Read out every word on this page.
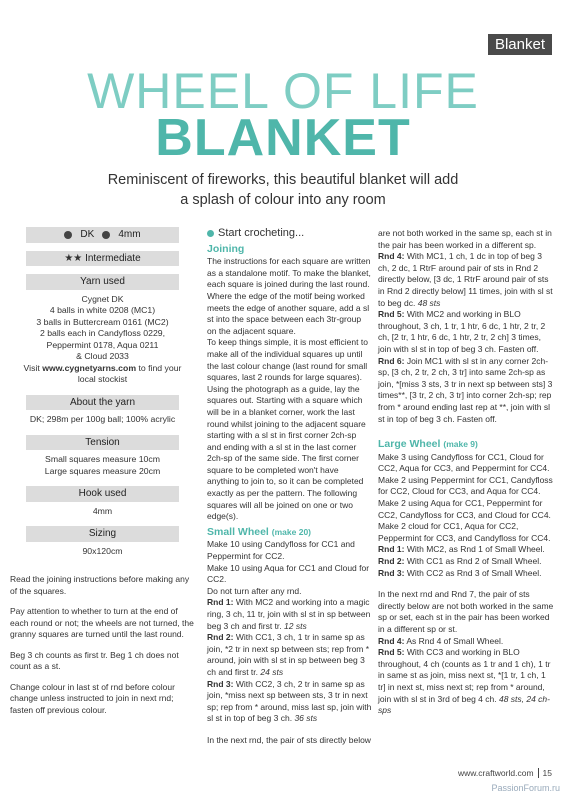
Blanket
WHEEL OF LIFE
BLANKET
Reminiscent of fireworks, this beautiful blanket will add
a splash of colour into any room
DK 4mm
★★ Intermediate
Yarn used
Cygnet DK
4 balls in white 0208 (MC1)
3 balls in Buttercream 0161 (MC2)
2 balls each in Candyfloss 0229,
Peppermint 0178, Aqua 0211
& Cloud 2033
Visit www.cygnetyarns.com to find your
local stockist
About the yarn
DK; 298m per 100g ball; 100% acrylic
Tension
Small squares measure 10cm
Large squares measure 20cm
Hook used
4mm
Sizing
90x120cm

Read the joining instructions before making any of the squares.

Pay attention to whether to turn at the end of each round or not; the wheels are not turned, the granny squares are turned until the last round.

Beg 3 ch counts as first tr. Beg 1 ch does not count as a st.

Change colour in last st of rnd before colour change unless instructed to join in next rnd; fasten off previous colour.

Start crocheting...
Joining

The instructions for each square are written as a standalone motif. To make the blanket, each square is joined during the last round. Where the edge of the motif being worked meets the edge of another square, add a sl st into the space between each 3tr-group on the adjacent square.

To keep things simple, it is most efficient to make all of the individual squares up until the last colour change (last round for small squares, last 2 rounds for large squares). Using the photograph as a guide, lay the squares out. Starting with a square which will be in a blanket corner, work the last round whilst joining to the adjacent square starting with a sl st in first corner 2ch-sp and ending with a sl st in the last corner 2ch-sp of the same side. The first corner square to be completed won't have anything to join to, so it can be completed exactly as per the pattern. The following squares will all be joined on one or two edge(s).

Small Wheel (make 20)

Make 10 using Candyfloss for CC1 and Peppermint for CC2.

Make 10 using Aqua for CC1 and Cloud for CC2.

Do not turn after any rnd.

Rnd 1: With MC2 and working into a magic ring, 3 ch, 11 tr, join with sl st in sp between beg 3 ch and first tr. 12 sts

Rnd 2: With CC1, 3 ch, 1 tr in same sp as join, *2 tr in next sp between sts; rep from * around, join with sl st in sp between beg 3 ch and first tr. 24 sts

Rnd 3: With CC2, 3 ch, 2 tr in same sp as join, *miss next sp between sts, 3 tr in next sp; rep from * around, miss last sp, join with sl st in top of beg 3 ch. 36 sts

In the next rnd, the pair of sts directly below

are not both worked in the same sp, each st in the pair has been worked in a different sp.

Rnd 4: With MC1, 1 ch, 1 dc in top of beg 3 ch, 2 dc, 1 RtrF around pair of sts in Rnd 2 directly below, [3 dc, 1 RtrF around pair of sts in Rnd 2 directly below] 11 times, join with sl st to beg dc. 48 sts

Rnd 5: With MC2 and working in BLO throughout, 3 ch, 1 tr, 1 htr, 6 dc, 1 htr, 2 tr, 2 ch, [2 tr, 1 htr, 6 dc, 1 htr, 2 tr, 2 ch] 3 times, join with sl st in top of beg 3 ch. Fasten off.

Rnd 6: Join MC1 with sl st in any corner 2ch-sp, [3 ch, 2 tr, 2 ch, 3 tr] into same 2ch-sp as join, *[miss 3 sts, 3 tr in next sp between sts] 3 times**, [3 tr, 2 ch, 3 tr] into corner 2ch-sp; rep from * around ending last rep at **, join with sl st in top of beg 3 ch. Fasten off.

Large Wheel (make 9)

Make 3 using Candyfloss for CC1, Cloud for CC2, Aqua for CC3, and Peppermint for CC4.

Make 2 using Peppermint for CC1, Candyfloss for CC2, Cloud for CC3, and Aqua for CC4.

Make 2 using Aqua for CC1, Peppermint for CC2, Candyfloss for CC3, and Cloud for CC4.

Make 2 cloud for CC1, Aqua for CC2, Peppermint for CC3, and Candyfloss for CC4.

Rnd 1: With MC2, as Rnd 1 of Small Wheel.

Rnd 2: With CC1 as Rnd 2 of Small Wheel.

Rnd 3: With CC2 as Rnd 3 of Small Wheel.

In the next rnd and Rnd 7, the pair of sts directly below are not both worked in the same sp or set, each st in the pair has been worked in a different sp or st.

Rnd 4: As Rnd 4 of Small Wheel.

Rnd 5: With CC3 and working in BLO throughout, 4 ch (counts as 1 tr and 1 ch), 1 tr in same st as join, miss next st, *[1 tr, 1 ch, 1 tr] in next st, miss next st; rep from * around, join with sl st in 3rd of beg 4 ch. 48 sts, 24 ch-sps

www.craftworld.com 15
PassionForum.ru
